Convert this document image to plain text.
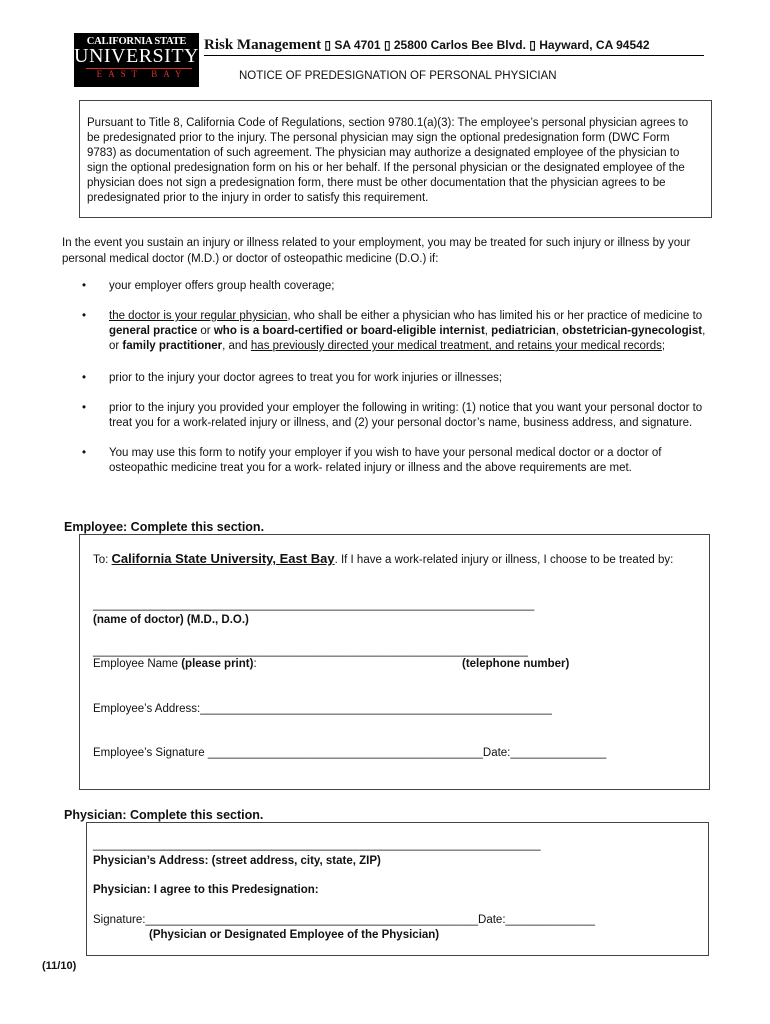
CALIFORNIA STATE
UNIVERSITY
EAST BAY
Risk Management ▯ SA 4701 ▯ 25800 Carlos Bee Blvd. ▯ Hayward, CA 94542
NOTICE OF PREDESIGNATION OF PERSONAL PHYSICIAN
Pursuant to Title 8, California Code of Regulations, section 9780.1(a)(3): The employee’s personal physician agrees to be predesignated prior to the injury. The personal physician may sign the optional predesignation form (DWC Form 9783) as documentation of such agreement. The physician may authorize a designated employee of the physician to sign the optional predesignation form on his or her behalf. If the personal physician or the designated employee of the physician does not sign a predesignation form, there must be other documentation that the physician agrees to be predesignated prior to the injury in order to satisfy this requirement.
In the event you sustain an injury or illness related to your employment, you may be treated for such injury or illness by your personal medical doctor (M.D.) or doctor of osteopathic medicine (D.O.) if:
• your employer offers group health coverage;
• the doctor is your regular physician, who shall be either a physician who has limited his or her practice of medicine to general practice or who is a board-certified or board-eligible internist, pediatrician, obstetrician-gynecologist, or family practitioner, and has previously directed your medical treatment, and retains your medical records;
• prior to the injury your doctor agrees to treat you for work injuries or illnesses;
• prior to the injury you provided your employer the following in writing: (1) notice that you want your personal doctor to treat you for a work-related injury or illness, and (2) your personal doctor’s name, business address, and signature.
• You may use this form to notify your employer if you wish to have your personal medical doctor or a doctor of osteopathic medicine treat you for a work- related injury or illness and the above requirements are met.
Employee: Complete this section.
To: California State University, East Bay. If I have a work-related injury or illness, I choose to be treated by:
_____________________________________________________________________
(name of doctor) (M.D., D.O.)
____________________________________________________________________
Employee Name (please print):	(telephone number)
Employee’s Address:_______________________________________________________
Employee’s Signature ___________________________________________Date:_______________
Physician: Complete this section.
______________________________________________________________________
Physician’s Address: (street address, city, state, ZIP)
Physician: I agree to this Predesignation:
Signature:____________________________________________________Date:______________
(Physician or Designated Employee of the Physician)
(11/10)
